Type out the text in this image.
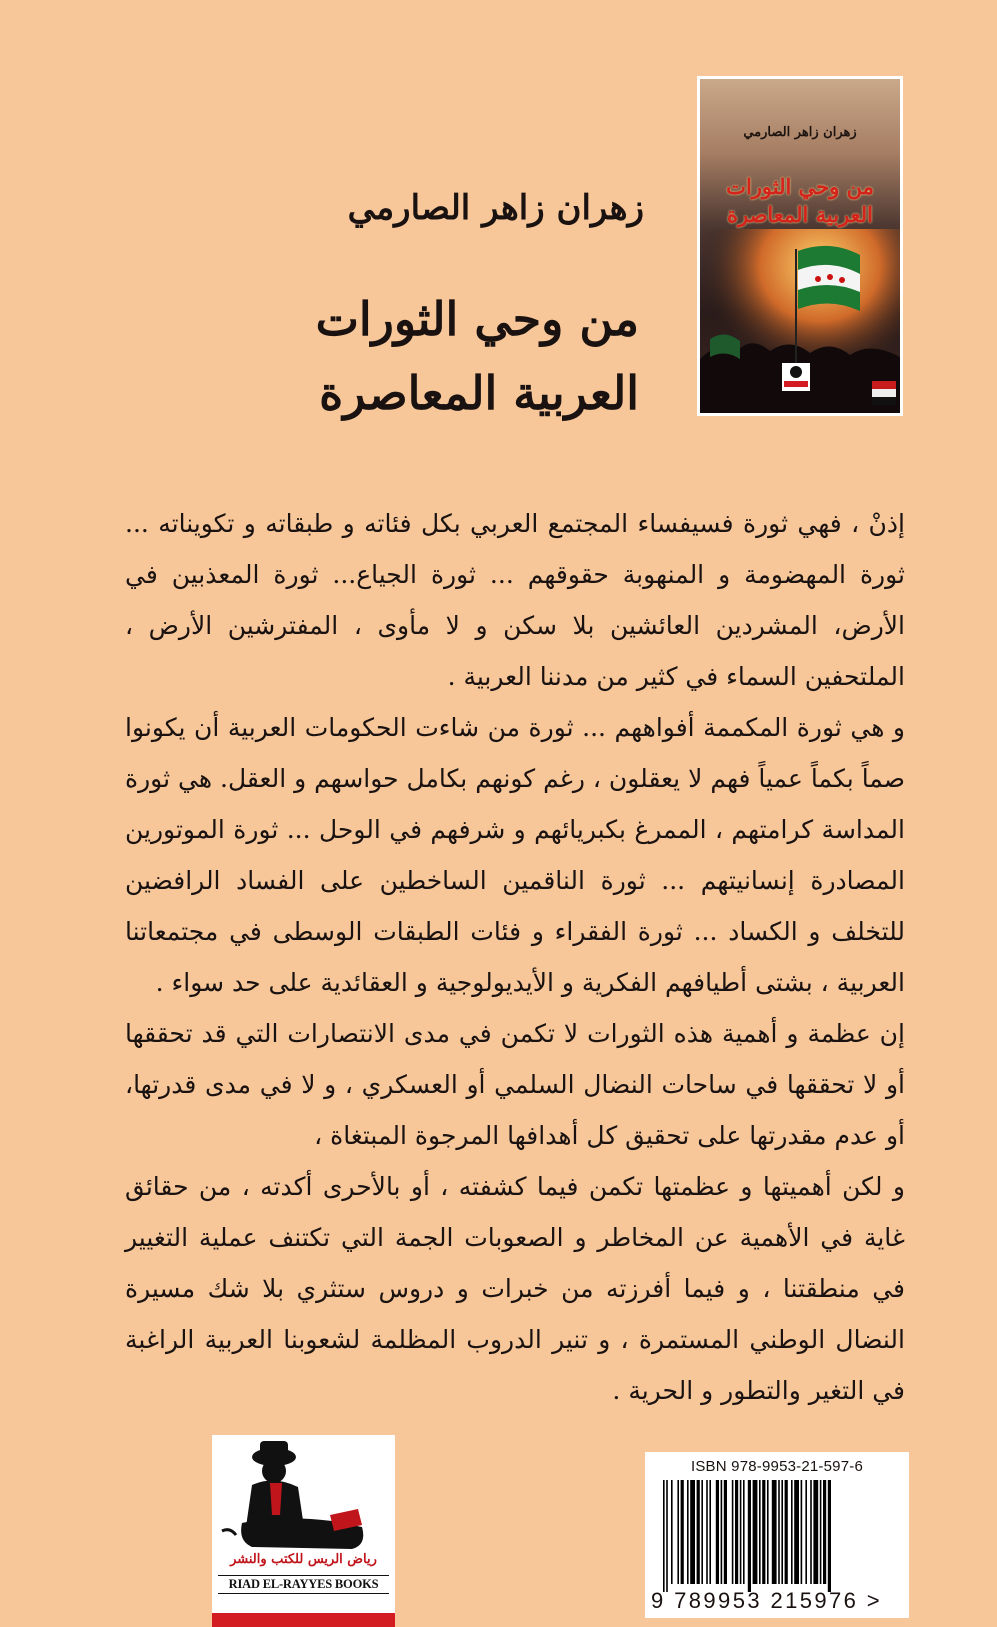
زهران زاهر الصارمي
من وحي الثورات العربية المعاصرة
زهران زاهر الصارمي
من وحي الثورات
العربية المعاصرة

إذنْ ، فهي ثورة فسيفساء المجتمع العربي بكل فئاته و طبقاته و تكويناته ... ثورة المهضومة و المنهوبة حقوقهم ... ثورة الجياع... ثورة المعذبين في الأرض، المشردين العائشين بلا سكن و لا مأوى ، المفترشين الأرض ، الملتحفين السماء في كثير من مدننا العربية .

و هي ثورة المكممة أفواههم ... ثورة من شاءت الحكومات العربية أن يكونوا صماً بكماً عمياً فهم لا يعقلون ، رغم كونهم بكامل حواسهم و العقل. هي ثورة المداسة كرامتهم ، الممرغ بكبريائهم و شرفهم في الوحل ... ثورة الموتورين المصادرة إنسانيتهم ... ثورة الناقمين الساخطين على الفساد الرافضين للتخلف و الكساد ... ثورة الفقراء و فئات الطبقات الوسطى في مجتمعاتنا العربية ، بشتى أطيافهم الفكرية و الأيديولوجية و العقائدية على حد سواء .

إن عظمة و أهمية هذه الثورات لا تكمن في مدى الانتصارات التي قد تحققها أو لا تحققها في ساحات النضال السلمي أو العسكري ، و لا في مدى قدرتها، أو عدم مقدرتها على تحقيق كل أهدافها المرجوة المبتغاة ،

و لكن أهميتها و عظمتها تكمن فيما كشفته ، أو بالأحرى أكدته ، من حقائق غاية في الأهمية عن المخاطر و الصعوبات الجمة التي تكتنف عملية التغيير في منطقتنا ، و فيما أفرزته من خبرات و دروس ستثري بلا شك مسيرة النضال الوطني المستمرة ، و تنير الدروب المظلمة لشعوبنا العربية الراغبة في التغير والتطور و الحرية .

رياض الريس للكتب والنشر
RIAD EL-RAYYES BOOKS
ISBN 978-9953-21-597-6
9 789953 215976 >
